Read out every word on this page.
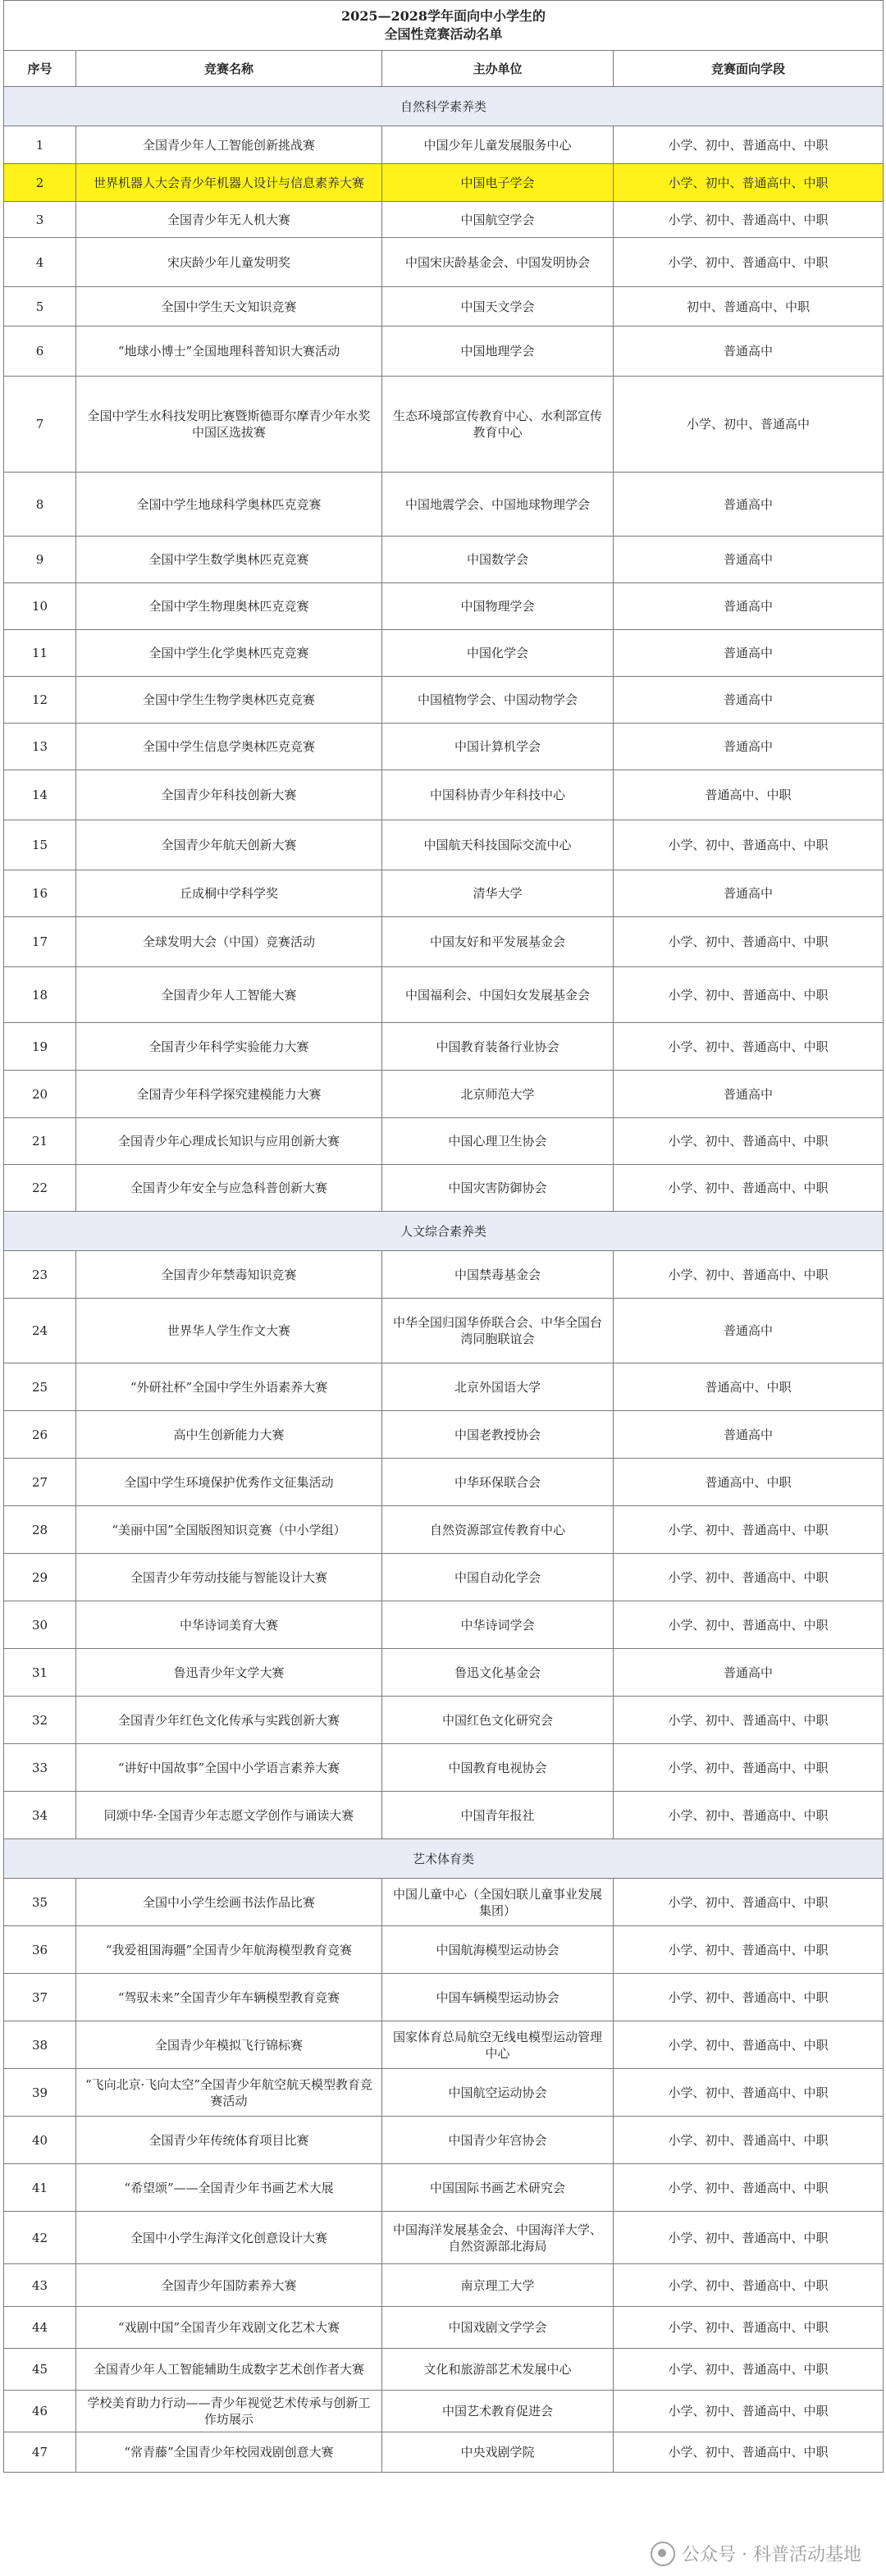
2025—2028学年面向中小学生的
全国性竞赛活动名单			

序号	竞赛名称	主办单位	竞赛面向学段
自然科学素养类			
1	全国青少年人工智能创新挑战赛	中国少年儿童发展服务中心	小学、初中、普通高中、中职
2	世界机器人大会青少年机器人设计与信息素养大赛	中国电子学会	小学、初中、普通高中、中职
3	全国青少年无人机大赛	中国航空学会	小学、初中、普通高中、中职
4	宋庆龄少年儿童发明奖	中国宋庆龄基金会、中国发明协会	小学、初中、普通高中、中职
5	全国中学生天文知识竞赛	中国天文学会	初中、普通高中、中职
6	“地球小博士”全国地理科普知识大赛活动	中国地理学会	普通高中
7	全国中学生水科技发明比赛暨斯德哥尔摩青少年水奖中国区选拔赛	生态环境部宣传教育中心、水利部宣传教育中心	小学、初中、普通高中
8	全国中学生地球科学奥林匹克竞赛	中国地震学会、中国地球物理学会	普通高中
9	全国中学生数学奥林匹克竞赛	中国数学会	普通高中
10	全国中学生物理奥林匹克竞赛	中国物理学会	普通高中
11	全国中学生化学奥林匹克竞赛	中国化学会	普通高中
12	全国中学生生物学奥林匹克竞赛	中国植物学会、中国动物学会	普通高中
13	全国中学生信息学奥林匹克竞赛	中国计算机学会	普通高中
14	全国青少年科技创新大赛	中国科协青少年科技中心	普通高中、中职
15	全国青少年航天创新大赛	中国航天科技国际交流中心	小学、初中、普通高中、中职
16	丘成桐中学科学奖	清华大学	普通高中
17	全球发明大会（中国）竞赛活动	中国友好和平发展基金会	小学、初中、普通高中、中职
18	全国青少年人工智能大赛	中国福利会、中国妇女发展基金会	小学、初中、普通高中、中职
19	全国青少年科学实验能力大赛	中国教育装备行业协会	小学、初中、普通高中、中职
20	全国青少年科学探究建模能力大赛	北京师范大学	普通高中
21	全国青少年心理成长知识与应用创新大赛	中国心理卫生协会	小学、初中、普通高中、中职
22	全国青少年安全与应急科普创新大赛	中国灾害防御协会	小学、初中、普通高中、中职
人文综合素养类			
23	全国青少年禁毒知识竞赛	中国禁毒基金会	小学、初中、普通高中、中职
24	世界华人学生作文大赛	中华全国归国华侨联合会、中华全国台湾同胞联谊会	普通高中
25	“外研社杯”全国中学生外语素养大赛	北京外国语大学	普通高中、中职
26	高中生创新能力大赛	中国老教授协会	普通高中
27	全国中学生环境保护优秀作文征集活动	中华环保联合会	普通高中、中职
28	“美丽中国”全国版图知识竞赛（中小学组）	自然资源部宣传教育中心	小学、初中、普通高中、中职
29	全国青少年劳动技能与智能设计大赛	中国自动化学会	小学、初中、普通高中、中职
30	中华诗词美育大赛	中华诗词学会	小学、初中、普通高中、中职
31	鲁迅青少年文学大赛	鲁迅文化基金会	普通高中
32	全国青少年红色文化传承与实践创新大赛	中国红色文化研究会	小学、初中、普通高中、中职
33	“讲好中国故事”全国中小学语言素养大赛	中国教育电视协会	小学、初中、普通高中、中职
34	同颂中华·全国青少年志愿文学创作与诵读大赛	中国青年报社	小学、初中、普通高中、中职
艺术体育类			
35	全国中小学生绘画书法作品比赛	中国儿童中心（全国妇联儿童事业发展集团）	小学、初中、普通高中、中职
36	“我爱祖国海疆”全国青少年航海模型教育竞赛	中国航海模型运动协会	小学、初中、普通高中、中职
37	“驾驭未来”全国青少年车辆模型教育竞赛	中国车辆模型运动协会	小学、初中、普通高中、中职
38	全国青少年模拟飞行锦标赛	国家体育总局航空无线电模型运动管理中心	小学、初中、普通高中、中职
39	“飞向北京·飞向太空”全国青少年航空航天模型教育竞赛活动	中国航空运动协会	小学、初中、普通高中、中职
40	全国青少年传统体育项目比赛	中国青少年宫协会	小学、初中、普通高中、中职
41	“希望颂”——全国青少年书画艺术大展	中国国际书画艺术研究会	小学、初中、普通高中、中职
42	全国中小学生海洋文化创意设计大赛	中国海洋发展基金会、中国海洋大学、自然资源部北海局	小学、初中、普通高中、中职
43	全国青少年国防素养大赛	南京理工大学	小学、初中、普通高中、中职
44	“戏剧中国”全国青少年戏剧文化艺术大赛	中国戏剧文学学会	小学、初中、普通高中、中职
45	全国青少年人工智能辅助生成数字艺术创作者大赛	文化和旅游部艺术发展中心	小学、初中、普通高中、中职
46	学校美育助力行动——青少年视觉艺术传承与创新工作坊展示	中国艺术教育促进会	小学、初中、普通高中、中职
47	“常青藤”全国青少年校园戏剧创意大赛	中央戏剧学院	小学、初中、普通高中、中职
公众号 · 科普活动基地
